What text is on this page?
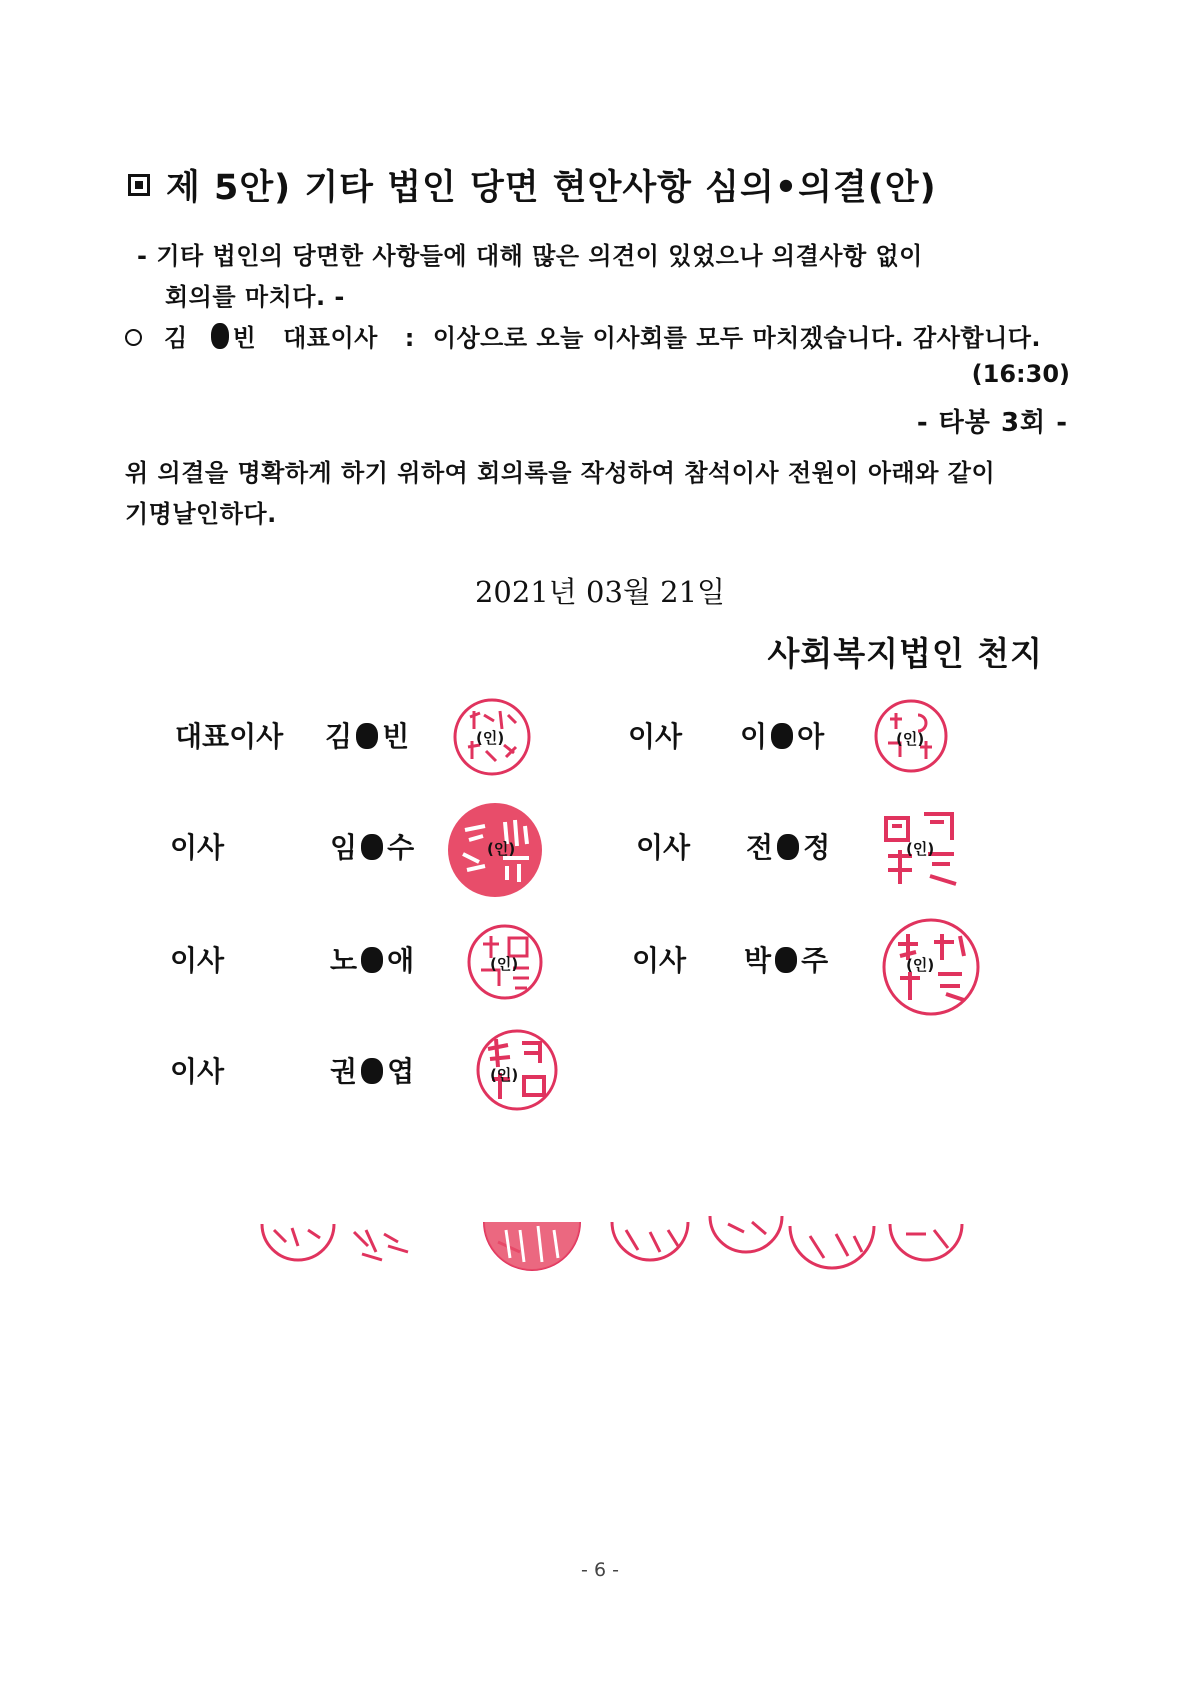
제 5안) 기타 법인 당면 현안사항 심의•의결(안)
- 기타 법인의 당면한 사항들에 대해 많은 의견이 있었으나 의결사항 없이
회의를 마치다. -
김 빈 대표이사 : 이상으로 오늘 이사회를 모두 마치겠습니다. 감사합니다.
(16:30)
- 타봉 3회 -
위 의결을 명확하게 하기 위하여 회의록을 작성하여 참석이사 전원이 아래와 같이
기명날인하다.
2021년 03월 21일
사회복지법인 천지
대표이사 김 빈	(인)	이사 이 아	(인)
이사	임 수	(인)	이사 전 정	(인)
이사	노 애	(인)	이사 박 주	(인)
이사	권 엽	(인)
- 6 -
